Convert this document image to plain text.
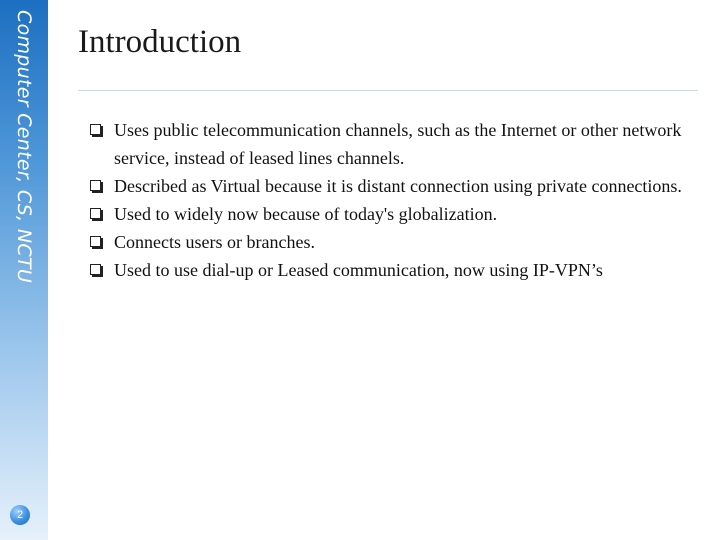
Computer Center, CS, NCTU
2
Introduction
Uses public telecommunication channels, such as the Internet or other network service, instead of leased lines channels.
Described as Virtual because it is distant connection using private connections.
Used to widely now because of today's globalization.
Connects users or branches.
Used to use dial-up or Leased communication, now using IP-VPN’s
